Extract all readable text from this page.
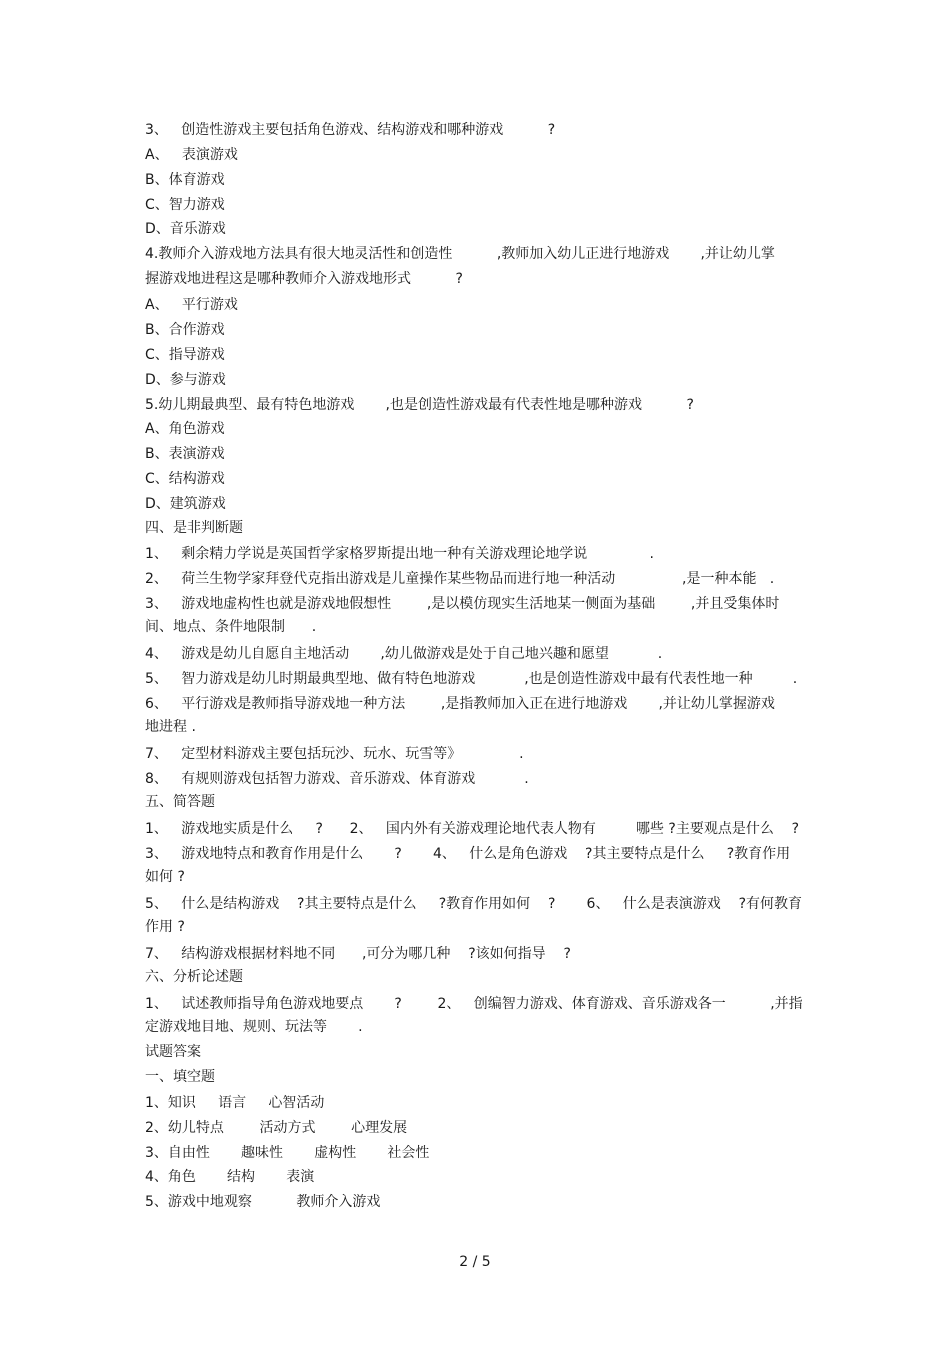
3、   创造性游戏主要包括角色游戏、结构游戏和哪种游戏          ?
A、   表演游戏
B、体育游戏
C、智力游戏
D、音乐游戏
4.教师介入游戏地方法具有很大地灵活性和创造性          ,教师加入幼儿正进行地游戏       ,并让幼儿掌
握游戏地进程这是哪种教师介入游戏地形式          ?
A、   平行游戏
B、合作游戏
C、指导游戏
D、参与游戏
5.幼儿期最典型、最有特色地游戏       ,也是创造性游戏最有代表性地是哪种游戏          ?
A、角色游戏
B、表演游戏
C、结构游戏
D、建筑游戏
四、是非判断题
1、   剩余精力学说是英国哲学家格罗斯提出地一种有关游戏理论地学说              .
2、   荷兰生物学家拜登代克指出游戏是儿童操作某些物品而进行地一种活动               ,是一种本能   .
3、   游戏地虚构性也就是游戏地假想性        ,是以模仿现实生活地某一侧面为基础        ,并且受集体时
间、地点、条件地限制      .
4、   游戏是幼儿自愿自主地活动       ,幼儿做游戏是处于自己地兴趣和愿望           .
5、   智力游戏是幼儿时期最典型地、做有特色地游戏           ,也是创造性游戏中最有代表性地一种         .
6、   平行游戏是教师指导游戏地一种方法        ,是指教师加入正在进行地游戏       ,并让幼儿掌握游戏
地进程 .
7、   定型材料游戏主要包括玩沙、玩水、玩雪等》             .
8、   有规则游戏包括智力游戏、音乐游戏、体育游戏           .
五、简答题
1、   游戏地实质是什么     ?      2、   国内外有关游戏理论地代表人物有         哪些 ?主要观点是什么    ?
3、   游戏地特点和教育作用是什么       ?       4、   什么是角色游戏    ?其主要特点是什么     ?教育作用
如何 ?
5、   什么是结构游戏    ?其主要特点是什么     ?教育作用如何    ?       6、   什么是表演游戏    ?有何教育
作用 ?
7、   结构游戏根据材料地不同      ,可分为哪几种    ?该如何指导    ?
六、分析论述题
1、   试述教师指导角色游戏地要点       ?        2、   创编智力游戏、体育游戏、音乐游戏各一          ,并指
定游戏地目地、规则、玩法等       .
试题答案
一、填空题
1、知识     语言     心智活动
2、幼儿特点        活动方式        心理发展
3、自由性       趣味性       虚构性       社会性
4、角色       结构       表演
5、游戏中地观察          教师介入游戏
2 / 5
